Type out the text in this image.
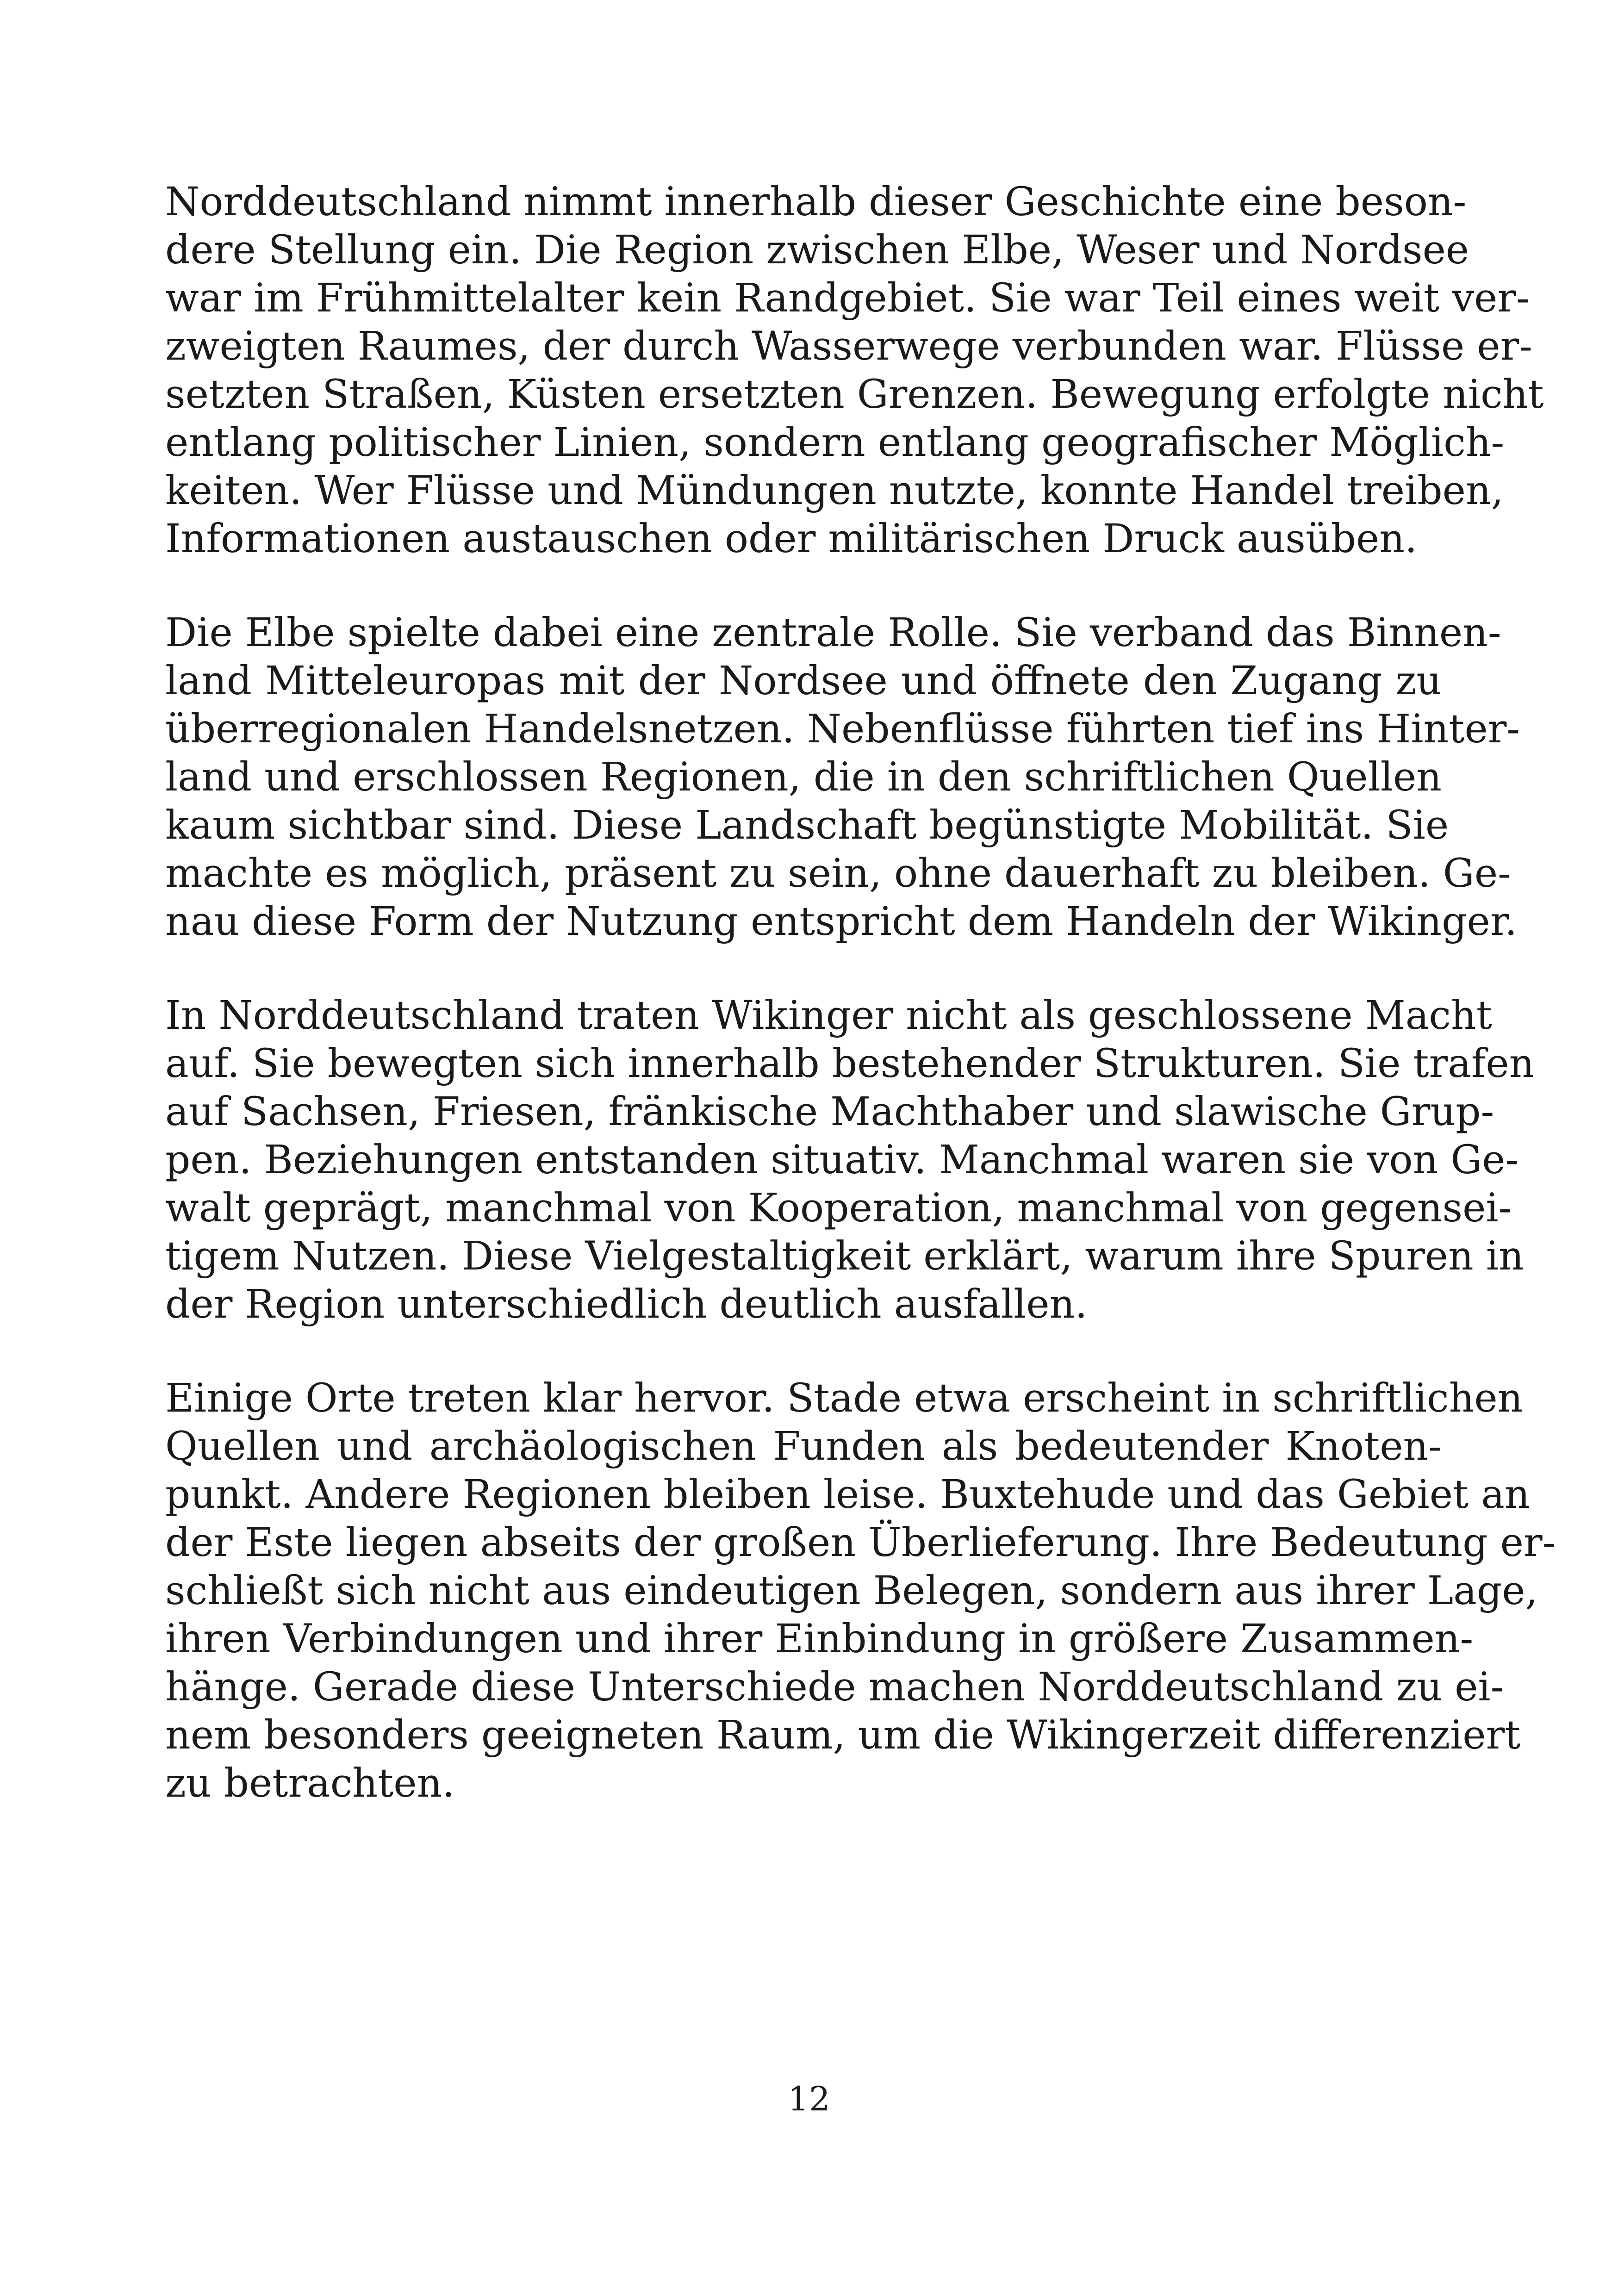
Norddeutschland nimmt innerhalb dieser Geschichte eine beson-
dere Stellung ein. Die Region zwischen Elbe, Weser und Nordsee
war im Frühmittelalter kein Randgebiet. Sie war Teil eines weit ver-
zweigten Raumes, der durch Wasserwege verbunden war. Flüsse er-
setzten Straßen, Küsten ersetzten Grenzen. Bewegung erfolgte nicht
entlang politischer Linien, sondern entlang geografischer Möglich-
keiten. Wer Flüsse und Mündungen nutzte, konnte Handel treiben,
Informationen austauschen oder militärischen Druck ausüben.

Die Elbe spielte dabei eine zentrale Rolle. Sie verband das Binnen-
land Mitteleuropas mit der Nordsee und öffnete den Zugang zu
überregionalen Handelsnetzen. Nebenflüsse führten tief ins Hinter-
land und erschlossen Regionen, die in den schriftlichen Quellen
kaum sichtbar sind. Diese Landschaft begünstigte Mobilität. Sie
machte es möglich, präsent zu sein, ohne dauerhaft zu bleiben. Ge-
nau diese Form der Nutzung entspricht dem Handeln der Wikinger.

In Norddeutschland traten Wikinger nicht als geschlossene Macht
auf. Sie bewegten sich innerhalb bestehender Strukturen. Sie trafen
auf Sachsen, Friesen, fränkische Machthaber und slawische Grup-
pen. Beziehungen entstanden situativ. Manchmal waren sie von Ge-
walt geprägt, manchmal von Kooperation, manchmal von gegensei-
tigem Nutzen. Diese Vielgestaltigkeit erklärt, warum ihre Spuren in
der Region unterschiedlich deutlich ausfallen.

Einige Orte treten klar hervor. Stade etwa erscheint in schriftlichen
Quellen und archäologischen Funden als bedeutender Knoten-
punkt. Andere Regionen bleiben leise. Buxtehude und das Gebiet an
der Este liegen abseits der großen Überlieferung. Ihre Bedeutung er-
schließt sich nicht aus eindeutigen Belegen, sondern aus ihrer Lage,
ihren Verbindungen und ihrer Einbindung in größere Zusammen-
hänge. Gerade diese Unterschiede machen Norddeutschland zu ei-
nem besonders geeigneten Raum, um die Wikingerzeit differenziert
zu betrachten.

12
